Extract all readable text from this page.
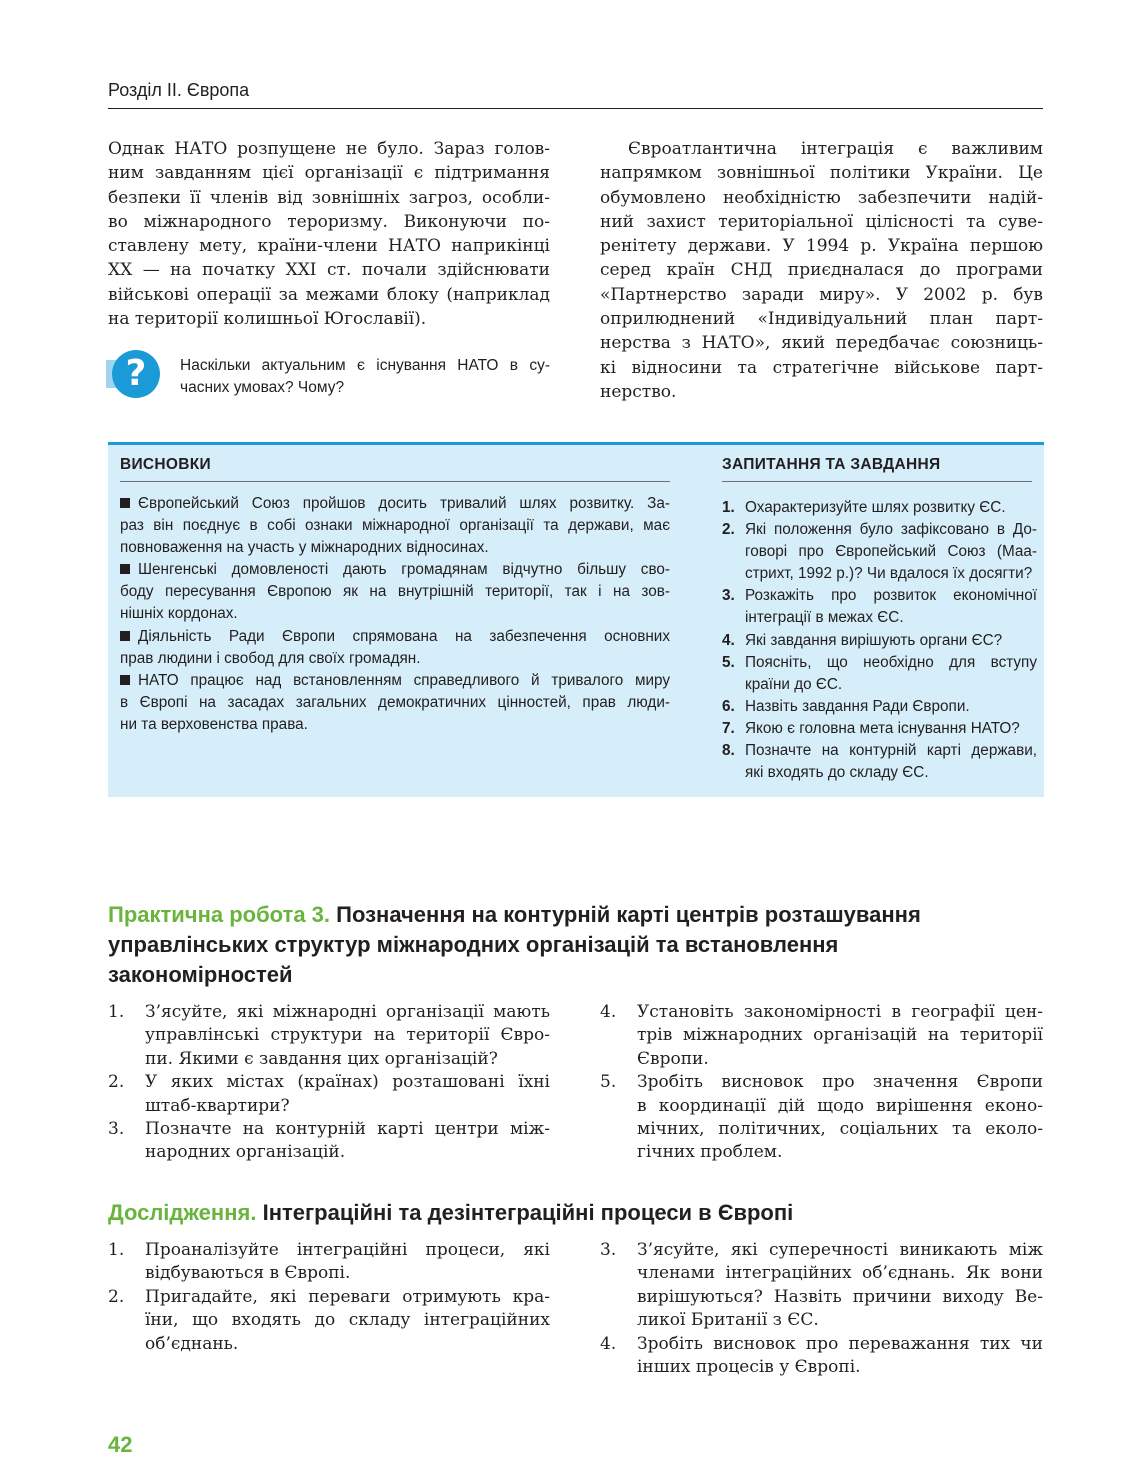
Розділ ІІ. Європа
Однак НАТО розпущене не було. Зараз голов-
ним завданням цієї організації є підтримання
безпеки її членів від зовнішніх загроз, особли-
во міжнародного тероризму. Виконуючи по-
ставлену мету, країни-члени НАТО наприкінці
XX — на початку XXI ст. почали здійснювати
військові операції за межами блоку (наприклад
на території колишньої Югославії).
?	Наскільки актуальним є існування НАТО в су-
часних умовах? Чому?
Євроатлантична інтеграція є важливим
напрямком зовнішньої політики України. Це
обумовлено необхідністю забезпечити надій-
ний захист територіальної цілісності та суве-
ренітету держави. У 1994 р. Україна першою
серед країн СНД приєдналася до програми
«Партнерство заради миру». У 2002 р. був
оприлюднений «Індивідуальний план парт-
нерства з НАТО», який передбачає союзниць-
кі відносини та стратегічне військове парт-
нерство.
ВИСНОВКИ

Європейський Союз пройшов досить тривалий шлях розвитку. За-
раз він поєднує в собі ознаки міжнародної організації та держави, має
повноваження на участь у міжнародних відносинах.

Шенгенські домовленості дають громадянам відчутно більшу сво-
боду пересування Європою як на внутрішній території, так і на зов-
нішніх кордонах.

Діяльність Ради Європи спрямована на забезпечення основних
прав людини і свобод для своїх громадян.

НАТО працює над встановленням справедливого й тривалого миру
в Європі на засадах загальних демократичних цінностей, прав люди-
ни та верховенства права.

ЗАПИТАННЯ ТА ЗАВДАННЯ
1. Охарактеризуйте шлях розвитку ЄС.
2. Які положення було зафіксовано в До-
говорі про Європейський Союз (Маа-
стрихт, 1992 р.)? Чи вдалося їх досягти?
3. Розкажіть про розвиток економічної
інтеграції в межах ЄС.
4. Які завдання вирішують органи ЄС?
5. Поясніть, що необхідно для вступу
країни до ЄС.
6. Назвіть завдання Ради Європи.
7. Якою є головна мета існування НАТО?
8. Позначте на контурній карті держави,
які входять до складу ЄС.
Практична робота 3. Позначення на контурній карті центрів розташування
управлінських структур міжнародних організацій та встановлення
закономірностей
1. З’ясуйте, які міжнародні організації мають
управлінські структури на території Євро-
пи. Якими є завдання цих організацій?
2. У яких містах (країнах) розташовані їхні
штаб-квартири?
3. Позначте на контурній карті центри між-
народних організацій.
4. Установіть закономірності в географії цен-
трів міжнародних організацій на території
Європи.
5. Зробіть висновок про значення Європи
в координації дій щодо вирішення еконо-
мічних, політичних, соціальних та еколо-
гічних проблем.
Дослідження. Інтеграційні та дезінтеграційні процеси в Європі
1. Проаналізуйте інтеграційні процеси, які
відбуваються в Європі.
2. Пригадайте, які переваги отримують кра-
їни, що входять до складу інтеграційних
об’єднань.
3. З’ясуйте, які суперечності виникають між
членами інтеграційних об’єднань. Як вони
вирішуються? Назвіть причини виходу Ве-
ликої Британії з ЄС.
4. Зробіть висновок про переважання тих чи
інших процесів у Європі.
42
